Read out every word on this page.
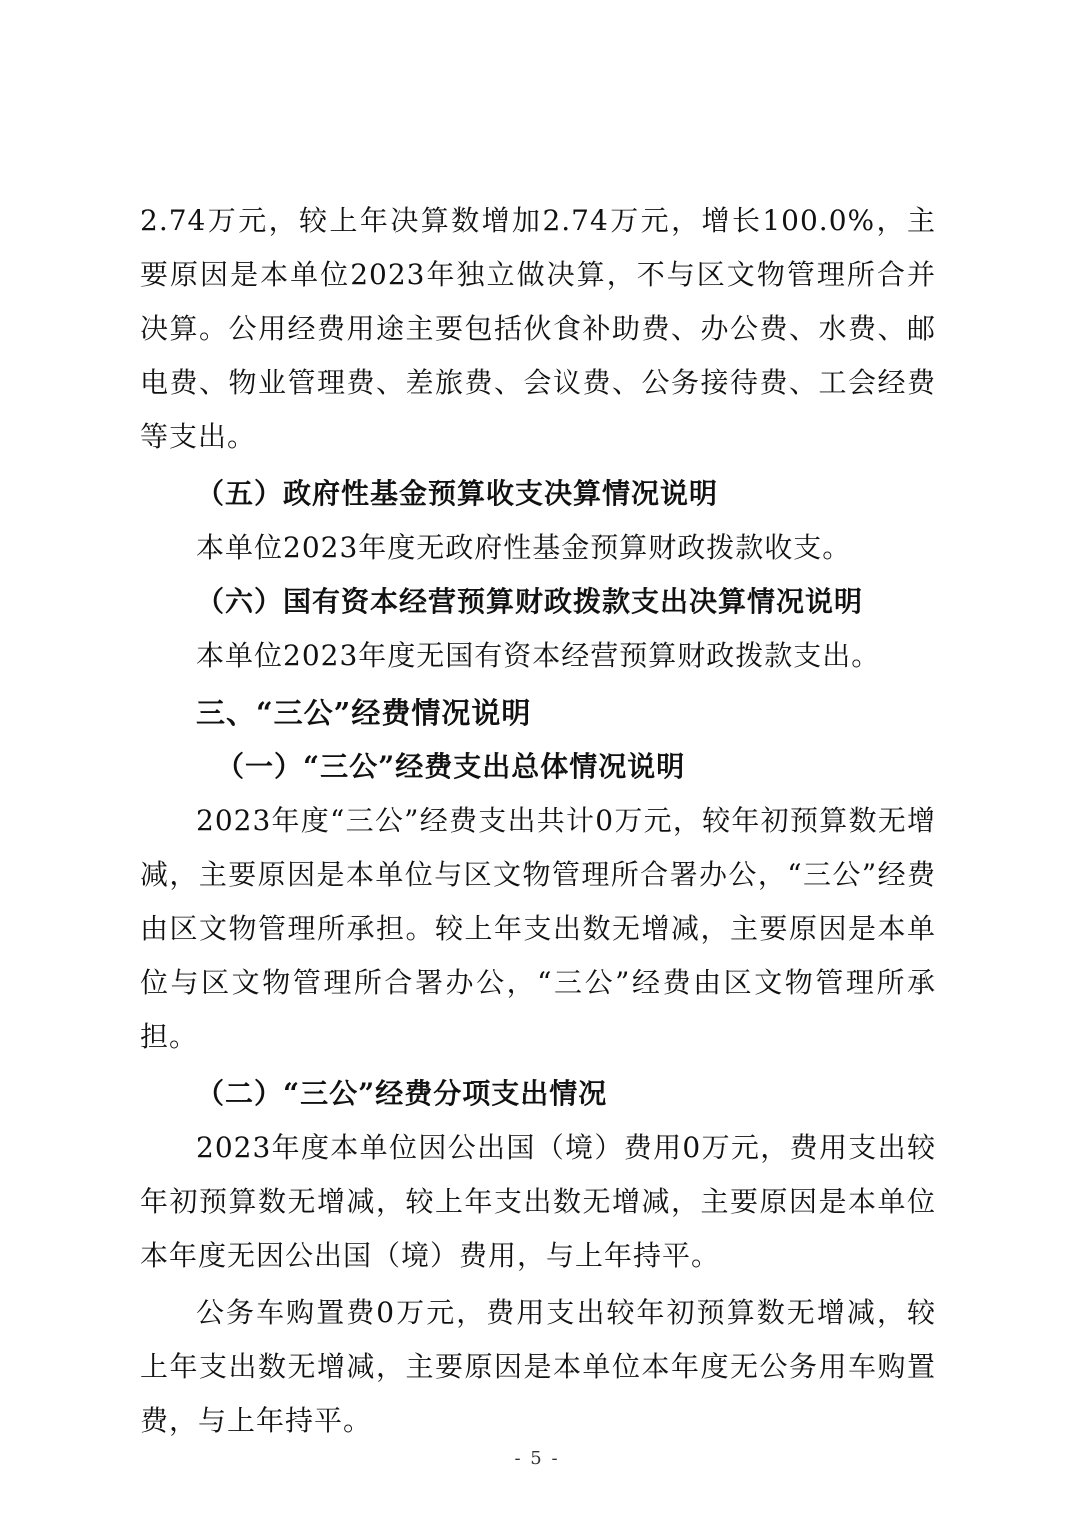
2.74万元，较上年决算数增加2.74万元，增长100.0%，主要原因是本单位2023年独立做决算，不与区文物管理所合并决算。公用经费用途主要包括伙食补助费、办公费、水费、邮电费、物业管理费、差旅费、会议费、公务接待费、工会经费等支出。

（五）政府性基金预算收支决算情况说明

本单位2023年度无政府性基金预算财政拨款收支。

（六）国有资本经营预算财政拨款支出决算情况说明

本单位2023年度无国有资本经营预算财政拨款支出。

三、“三公”经费情况说明

（一）“三公”经费支出总体情况说明

2023年度“三公”经费支出共计0万元，较年初预算数无增减，主要原因是本单位与区文物管理所合署办公，“三公”经费由区文物管理所承担。较上年支出数无增减，主要原因是本单位与区文物管理所合署办公，“三公”经费由区文物管理所承担。

（二）“三公”经费分项支出情况

2023年度本单位因公出国（境）费用0万元，费用支出较年初预算数无增减，较上年支出数无增减，主要原因是本单位本年度无因公出国（境）费用，与上年持平。

公务车购置费0万元，费用支出较年初预算数无增减，较上年支出数无增减，主要原因是本单位本年度无公务用车购置费，与上年持平。

- 5 -
